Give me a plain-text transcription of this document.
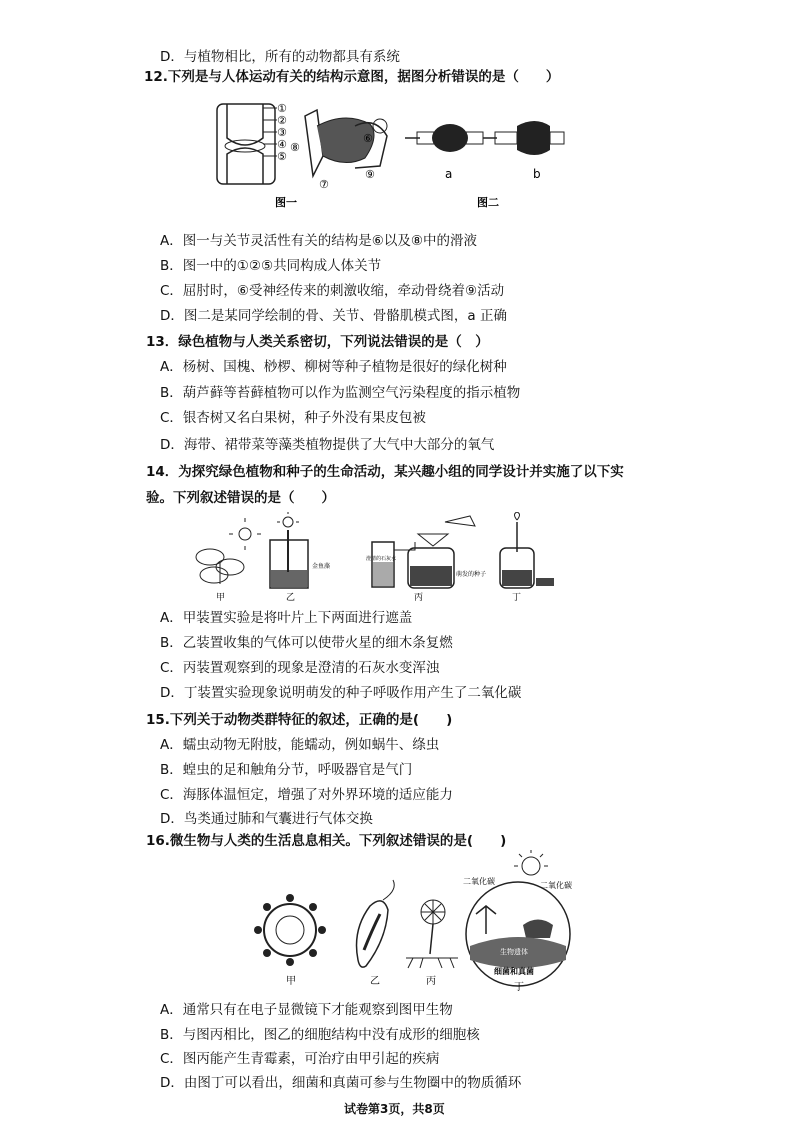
D．与植物相比，所有的动物都具有系统
12.下列是与人体运动有关的结构示意图，据图分析错误的是（　　）
①
②
③
④
⑤
⑧
⑥
⑦
⑨	a	b
图一	图二
A．图一与关节灵活性有关的结构是⑥以及⑧中的滑液
B．图一中的①②⑤共同构成人体关节
C．屈肘时，⑥受神经传来的刺激收缩，牵动骨绕着⑨活动
D．图二是某同学绘制的骨、关节、骨骼肌模式图，a 正确
13．绿色植物与人类关系密切，下列说法错误的是（　）
A．杨树、国槐、桫椤、柳树等种子植物是很好的绿化树种
B．葫芦藓等苔藓植物可以作为监测空气污染程度的指示植物
C．银杏树又名白果树，种子外没有果皮包被
D．海带、裙带菜等藻类植物提供了大气中大部分的氧气
14．为探究绿色植物和种子的生命活动，某兴趣小组的同学设计并实施了以下实
验。下列叙述错误的是（　　）
甲
金鱼藻
乙
澄清的石灰水
萌发的种子
丙	丁
A．甲装置实验是将叶片上下两面进行遮盖
B．乙装置收集的气体可以使带火星的细木条复燃
C．丙装置观察到的现象是澄清的石灰水变浑浊
D．丁装置实验现象说明萌发的种子呼吸作用产生了二氧化碳
15.下列关于动物类群特征的叙述，正确的是(　　)
A．蠕虫动物无附肢，能蠕动，例如蜗牛、绦虫
B．蝗虫的足和触角分节，呼吸器官是气门
C．海豚体温恒定，增强了对外界环境的适应能力
D．鸟类通过肺和气囊进行气体交换
16.微生物与人类的生活息息相关。下列叙述错误的是(　　)
甲	乙	丙
二氧化碳	二氧化碳
生物遗体
细菌和真菌
丁
A．通常只有在电子显微镜下才能观察到图甲生物
B．与图丙相比，图乙的细胞结构中没有成形的细胞核
C．图丙能产生青霉素，可治疗由甲引起的疾病
D．由图丁可以看出，细菌和真菌可参与生物圈中的物质循环
试卷第3页，共8页
